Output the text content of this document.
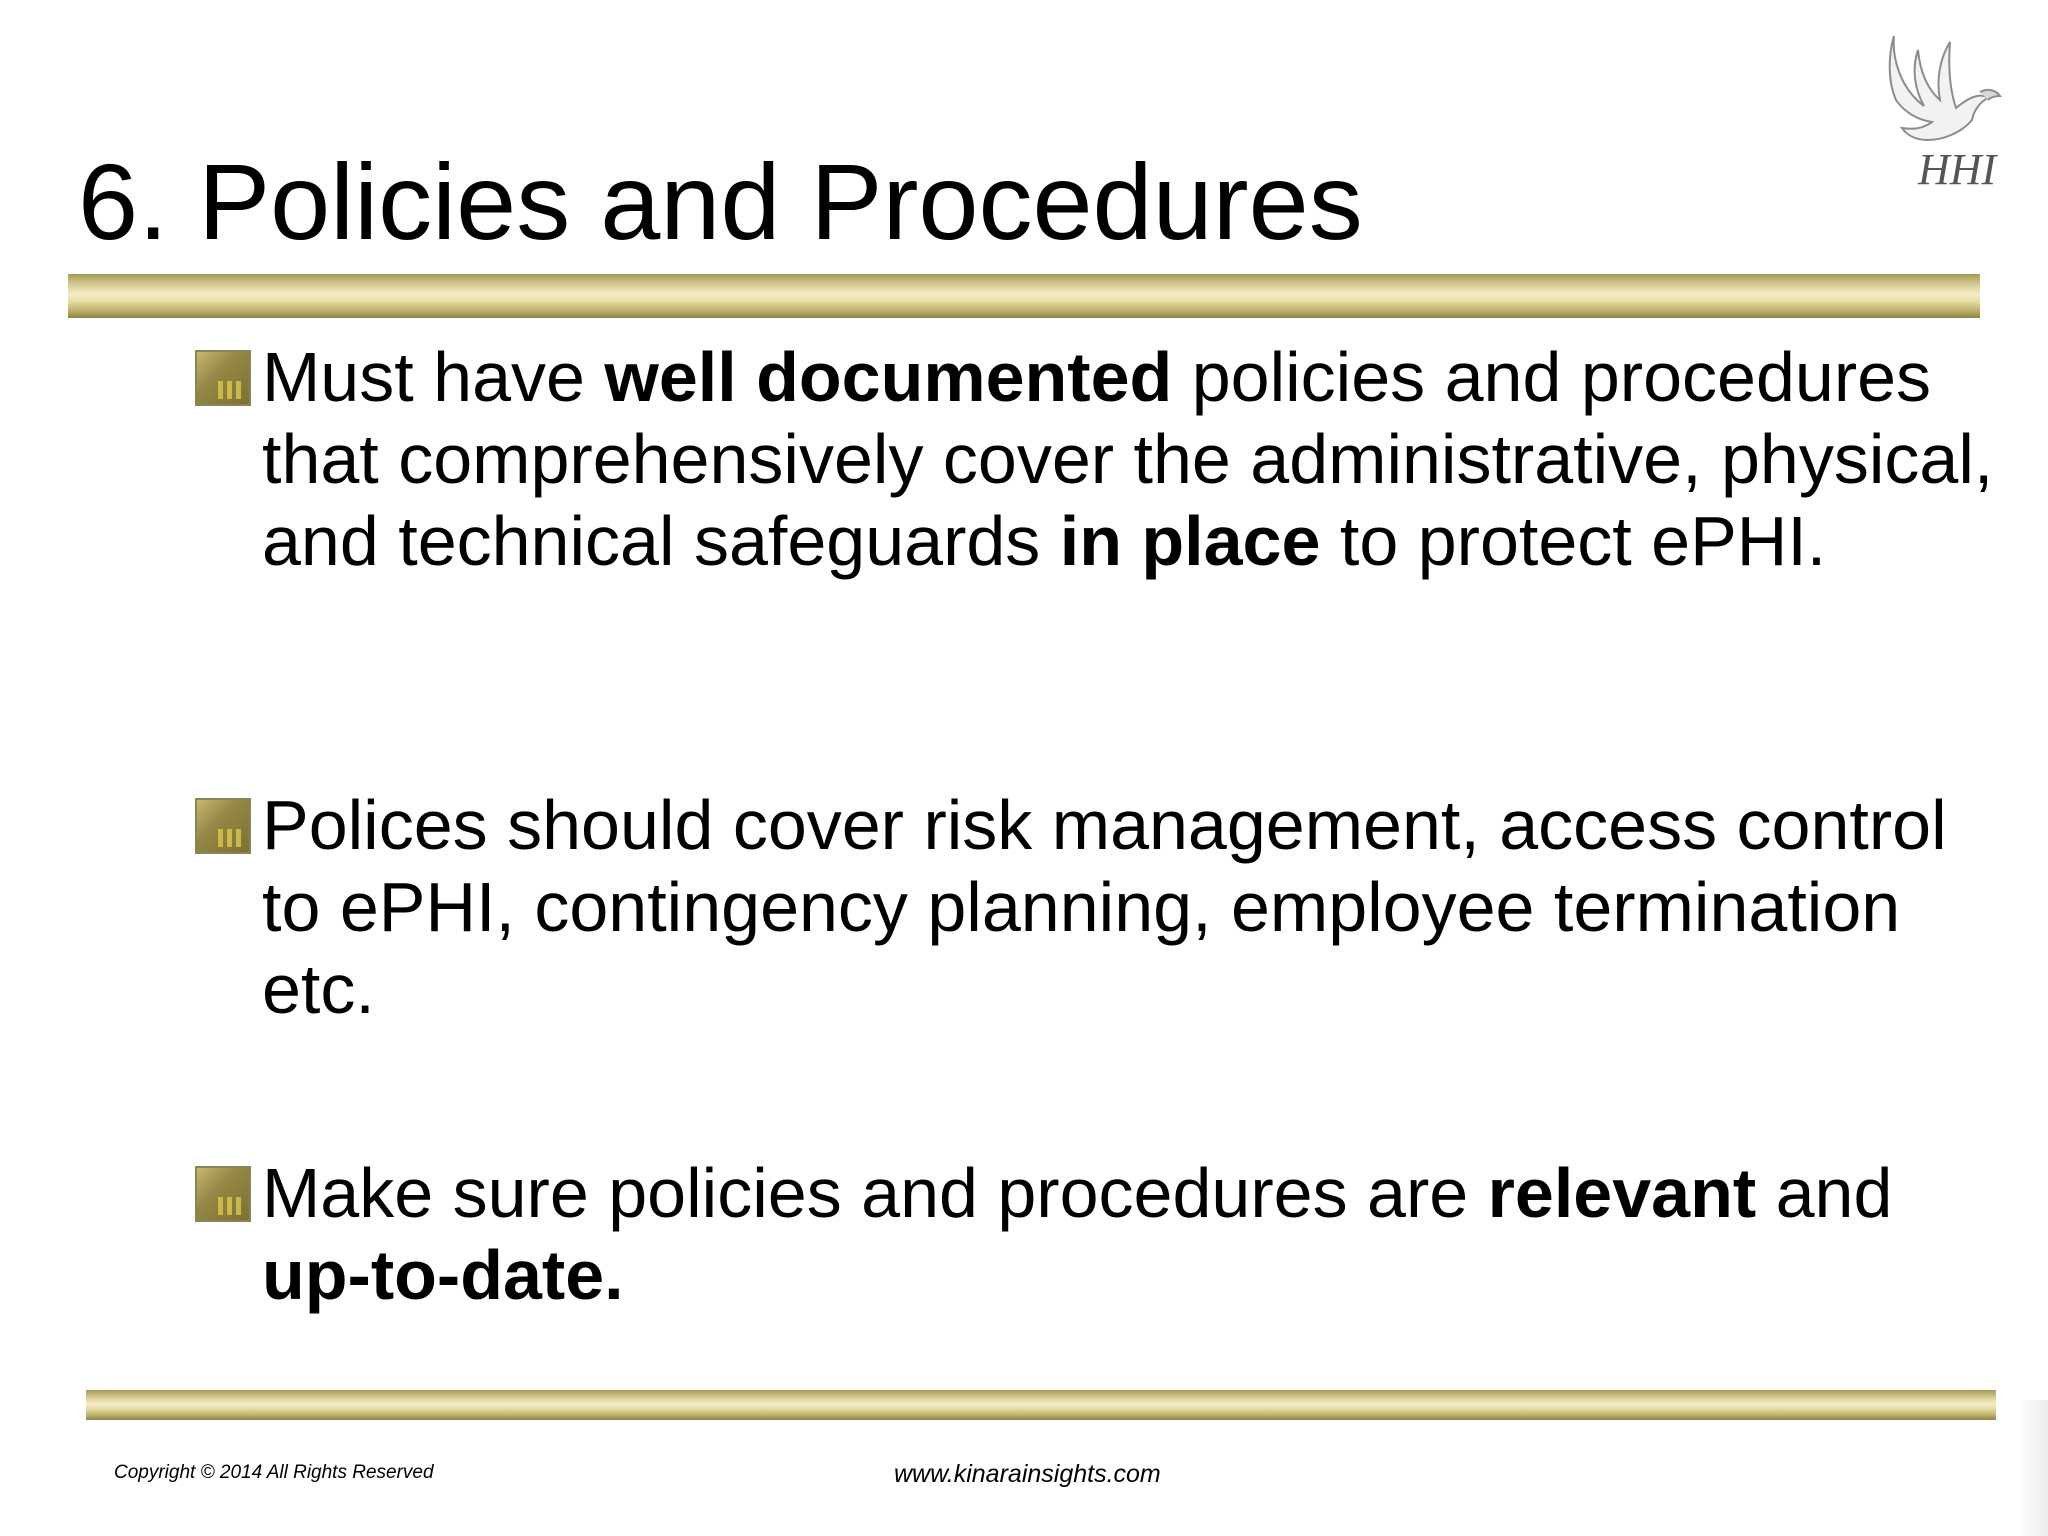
6. Policies and Procedures	HHI
Must have well documented policies and procedures that comprehensively cover the administrative, physical, and technical safeguards in place to protect ePHI.
Polices should cover risk management, access control to ePHI, contingency planning, employee termination etc.
Make sure policies and procedures are relevant and up-to-date.
Copyright © 2014 All Rights Reserved	www.kinarainsights.com
